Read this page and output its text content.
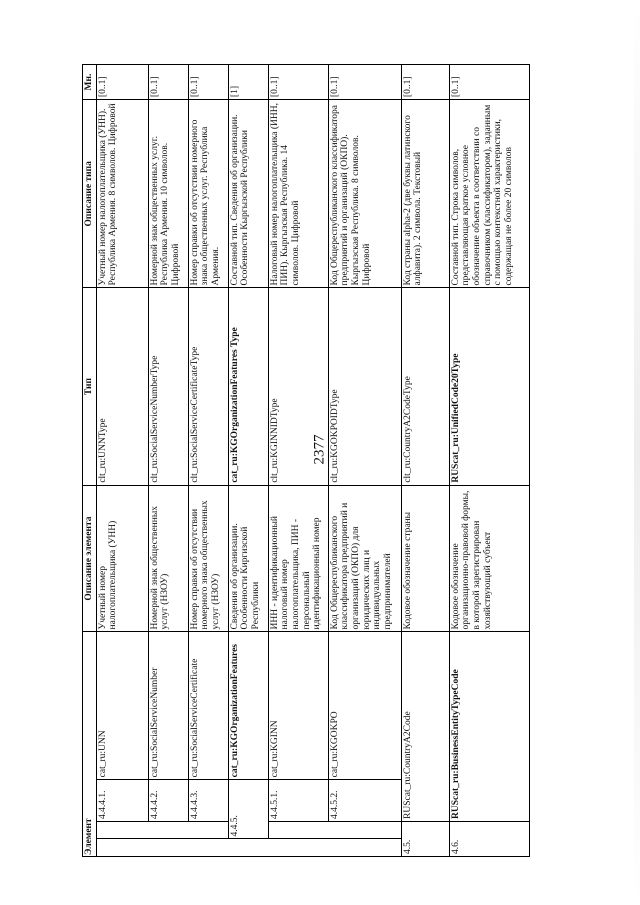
2377
Элемент				Описание элемента	Тип	Описание типа	Мн.
		4.4.4.1.	cat_ru:UNN	Учетный номер налогоплательщика (УНН)	clt_ru:UNNType	Учетный номер налогоплательщика (УНН). Республика Армения. 8 символов. Цифровой	[0..1]
		4.4.4.2.	cat_ru:SocialServiceNumber	Номерной знак общественных услуг (НЗОУ)	clt_ru:SocialServiceNumberType	Номерной знак общественных услуг. Республика Армения. 10 символов. Цифровой	[0..1]
		4.4.4.3.	cat_ru:SocialServiceCertificate	Номер справки об отсутствии номерного знака общественных услуг (НЗОУ)	clt_ru:SocialServiceCertificateType	Номер справки об отсутствии номерного знака общественных услуг. Республика Армения.	[0..1]
	4.4.5.		cat_ru:KGOrganizationFeatures	Сведения об организации. Особенности Киргизской Республики	cat_ru:KGOrganizationFeatures Type	Составной тип. Сведения об организации. Особенности Кыргызской Республики	[1]
		4.4.5.1.	cat_ru:KGINN	ИНН - идентификационный налоговый номер налогоплательщика, ПИН - персональный идентификационный номер	clt_ru:KGINNIDType	Налоговый номер налогоплательщика (ИНН, ПИН). Кыргызская Республика. 14 символов. Цифровой	[0..1]
		4.4.5.2.	cat_ru:KGOKPO	Код Общереспубликанского классификатора предприятий и организаций (ОКПО) для юридических лиц и индивидуальных предпринимателей	clt_ru:KGOKPOIDType	Код Общереспубликанского классификатора предприятий и организаций (ОКПО). Кыргызская Республика. 8 символов. Цифровой	[0..1]
4.5.		RUScat_ru:CountryA2Code		Кодовое обозначение страны	clt_ru:CountryA2CodeType	Код страны alpha-2 (две буквы латинского алфавита). 2 символа. Текстовый	[0..1]
4.6.		RUScat_ru:BusinessEntityTypeCode		Кодовое обозначение организационно-правовой формы, в которой зарегистрирован хозяйствующий субъект	RUScat_ru:UnifiedCode20Type	Составной тип. Строка символов, представляющая краткое условное обозначение объекта в соответствии со справочником (классификатором), заданным с помощью контекстной характеристики, содержащая не более 20 символов	[0..1]
